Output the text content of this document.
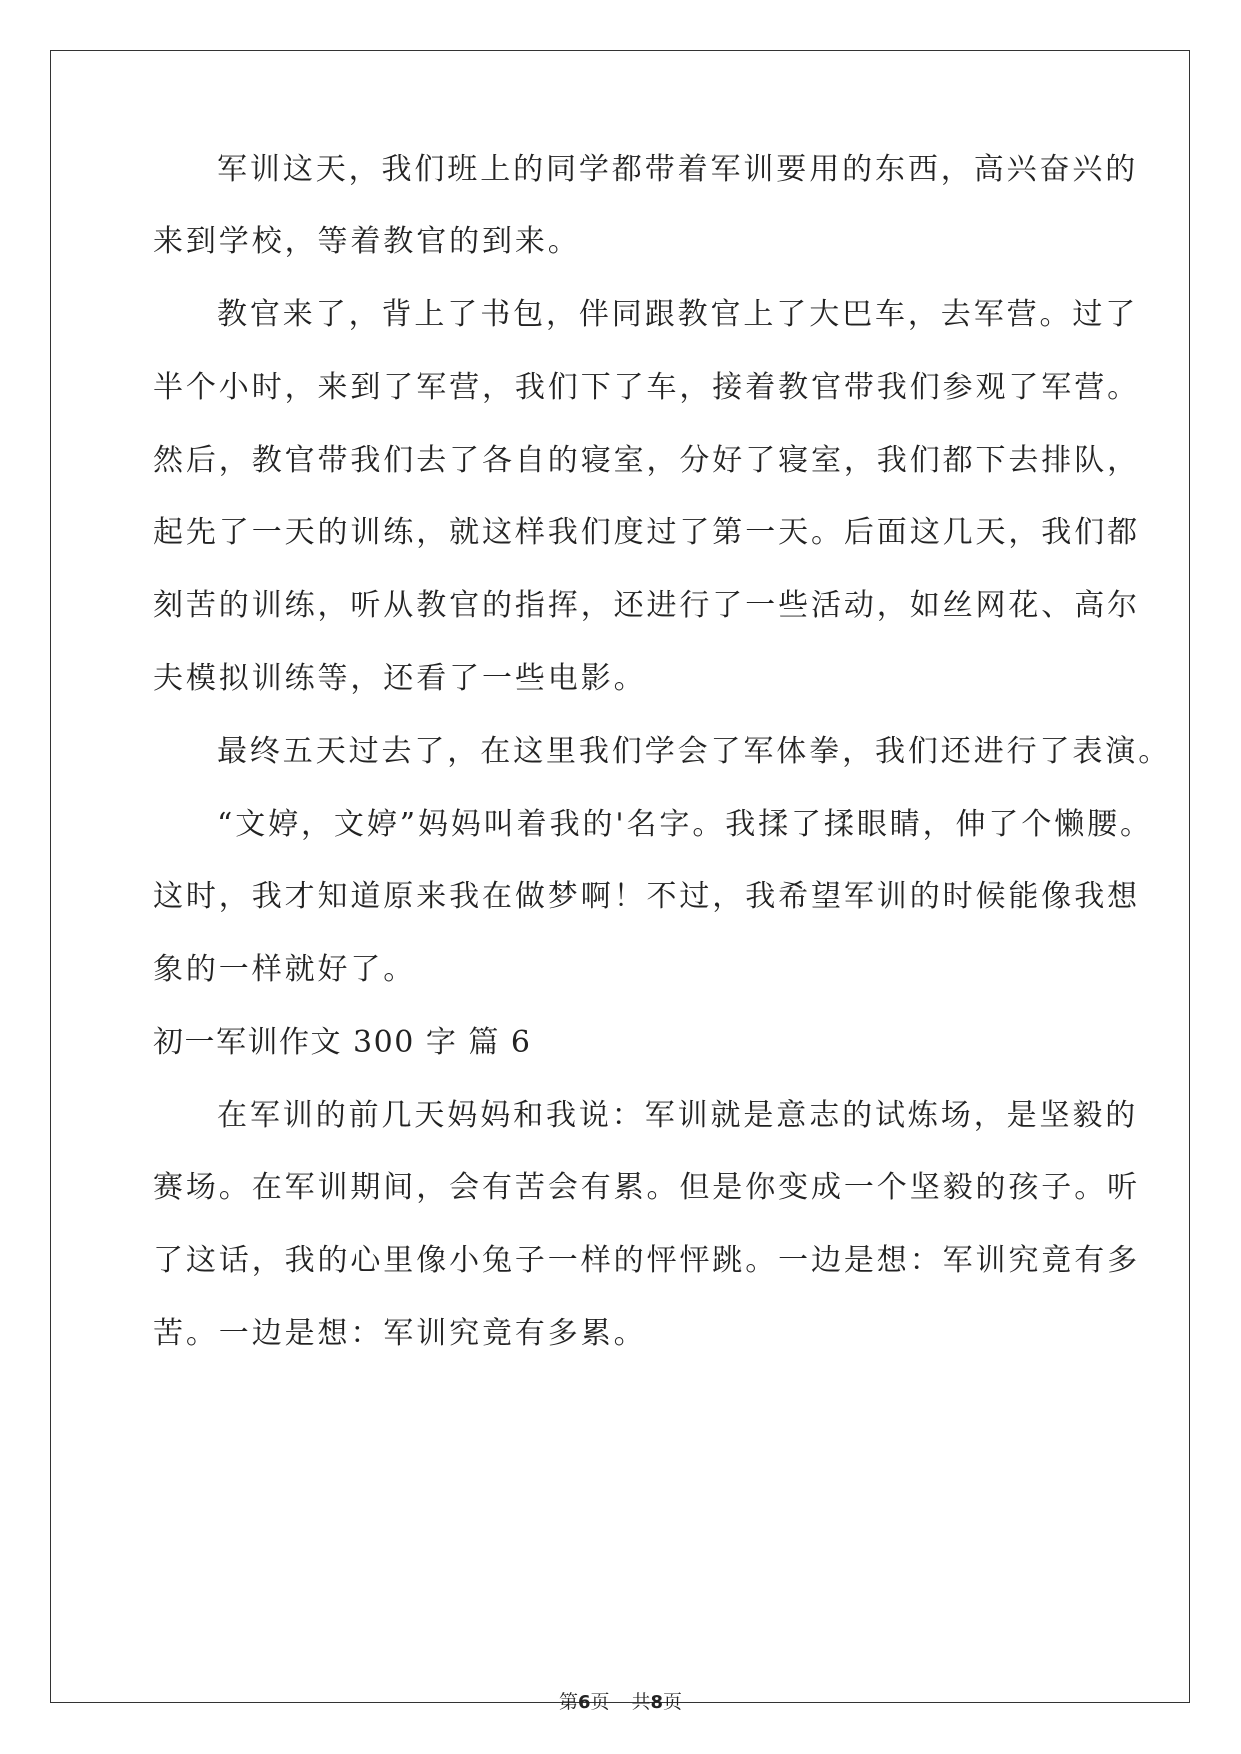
军训这天，我们班上的同学都带着军训要用的东西，高兴奋兴的
来到学校，等着教官的到来。
教官来了，背上了书包，伴同跟教官上了大巴车，去军营。过了
半个小时，来到了军营，我们下了车，接着教官带我们参观了军营。
然后，教官带我们去了各自的寝室，分好了寝室，我们都下去排队，
起先了一天的训练，就这样我们度过了第一天。后面这几天，我们都
刻苦的训练，听从教官的指挥，还进行了一些活动，如丝网花、高尔
夫模拟训练等，还看了一些电影。
最终五天过去了，在这里我们学会了军体拳，我们还进行了表演。
“文婷，文婷”妈妈叫着我的'名字。我揉了揉眼睛，伸了个懒腰。
这时，我才知道原来我在做梦啊！不过，我希望军训的时候能像我想
象的一样就好了。
初一军训作文 300 字 篇 6
在军训的前几天妈妈和我说：军训就是意志的试炼场，是坚毅的
赛场。在军训期间，会有苦会有累。但是你变成一个坚毅的孩子。听
了这话，我的心里像小兔子一样的怦怦跳。一边是想：军训究竟有多
苦。一边是想：军训究竟有多累。
第6页 共8页
